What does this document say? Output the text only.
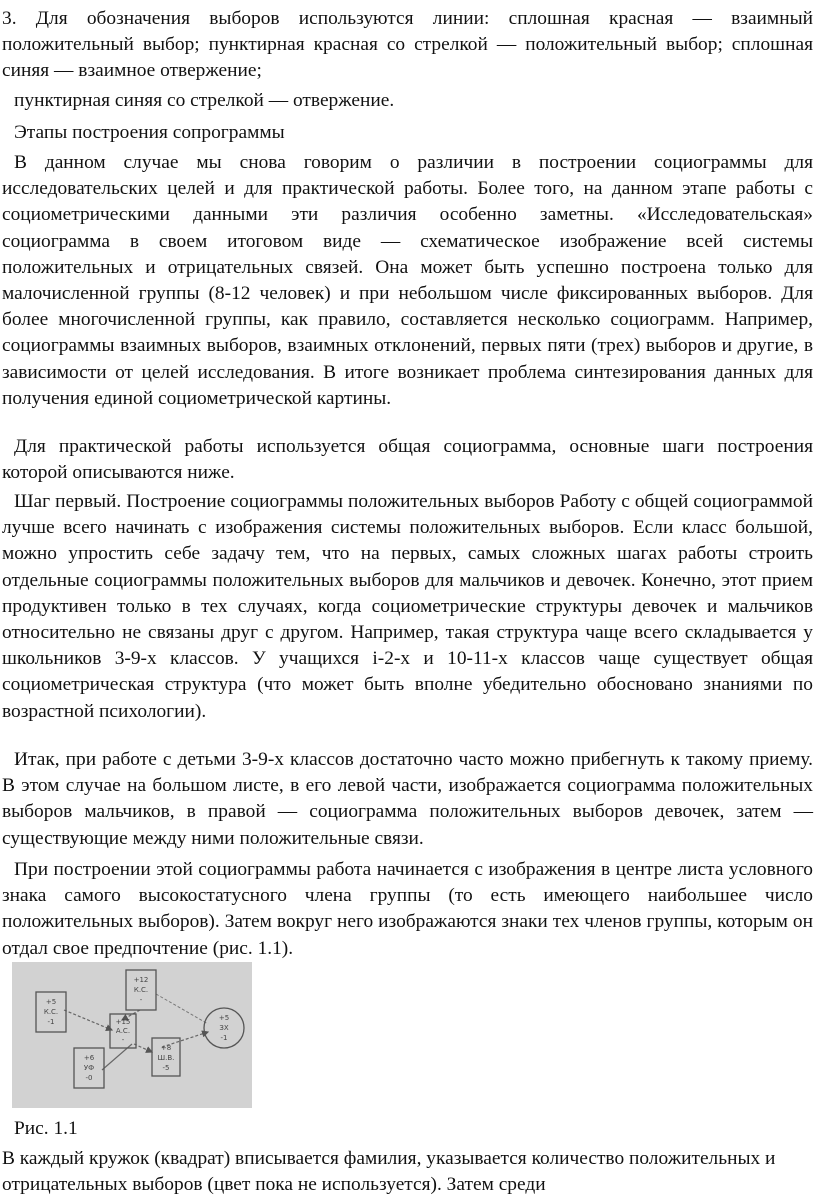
3. Для обозначения выборов используются линии: сплошная красная — взаимный положительный выбор; пунктирная красная со стрелкой — положительный выбор; сплошная синяя — взаимное отвержение;

пунктирная синяя со стрелкой — отвержение.

Этапы построения сопрограммы

В данном случае мы снова говорим о различии в построении социограммы для исследовательских целей и для практической работы. Более того, на данном этапе работы с социометрическими данными эти различия особенно заметны. «Исследовательская» социограмма в своем итоговом виде — схематическое изображение всей системы положительных и отрицательных связей. Она может быть успешно построена только для малочисленной группы (8-12 человек) и при небольшом числе фиксированных выборов. Для более многочисленной группы, как правило, составляется несколько социограмм. Например, социограммы взаимных выборов, взаимных отклонений, первых пяти (трех) выборов и другие, в зависимости от целей исследования. В итоге возникает проблема синтезирования данных для получения единой социометрической картины.

Для практической работы используется общая социограмма, основные шаги построения которой описываются ниже.

Шаг первый. Построение социограммы положительных выборов Работу с общей социограммой лучше всего начинать с изображения системы положительных выборов. Если класс большой, можно упростить себе задачу тем, что на первых, самых сложных шагах работы строить отдельные социограммы положительных выборов для мальчиков и девочек. Конечно, этот прием продуктивен только в тех случаях, когда социометрические структуры девочек и мальчиков относительно не связаны друг с другом. Например, такая структура чаще всего складывается у школьников 3-9-х классов. У учащихся i-2-х и 10-11-х классов чаще существует общая социометрическая структура (что может быть вполне убедительно обосновано знаниями по возрастной психологии).

Итак, при работе с детьми 3-9-х классов достаточно часто можно прибегнуть к такому приему. В этом случае на большом листе, в его левой части, изображается социограмма положительных выборов мальчиков, в правой — социограмма положительных выборов девочек, затем — существующие между ними положительные связи.

При построении этой социограммы работа начинается с изображения в центре листа условного знака самого высокостатусного члена группы (то есть имеющего наибольшее число положительных выборов). Затем вокруг него изображаются знаки тех членов группы, которым он отдал свое предпочтение (рис. 1.1).

+5
К.С.
-1
+12
К.С.
-
+15
А.С.
-
+6
УФ
-0
+8
Ш.В.
-5
+5
ЗХ
-1

Рис. 1.1

В каждый кружок (квадрат) вписывается фамилия, указывается количество положительных и отрицательных выборов (цвет пока не используется). Затем среди
